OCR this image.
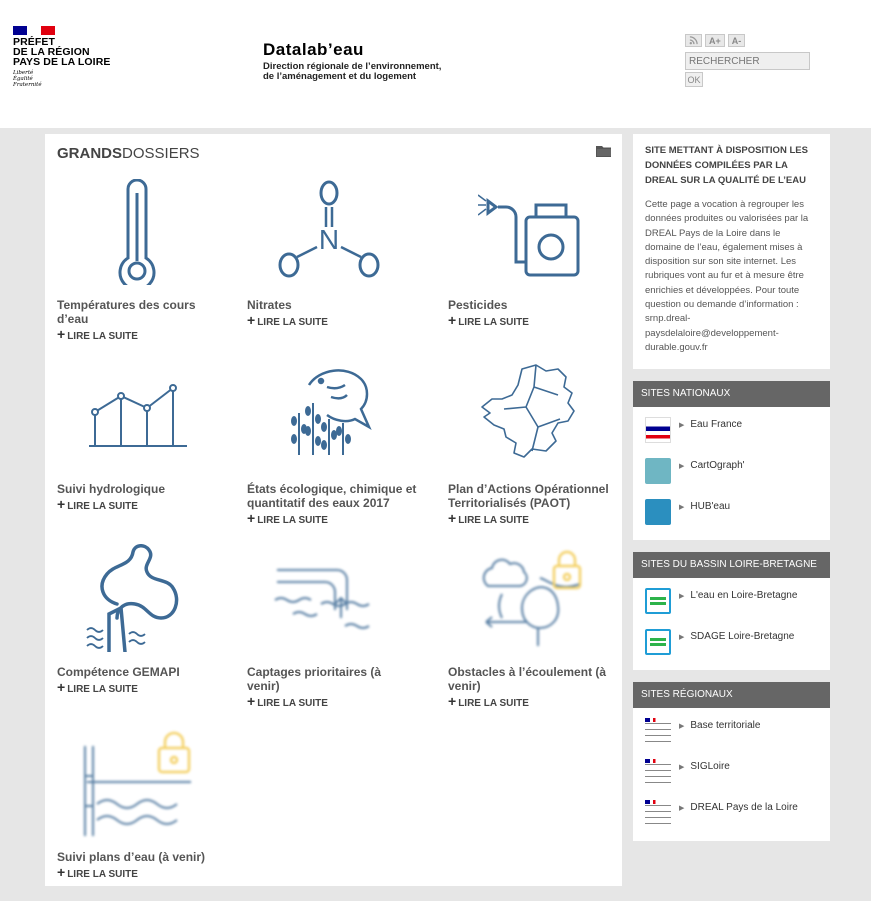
PRÉFET
DE LA RÉGION
PAYS DE LA LOIRE
Liberté
Égalité
Fraternité
Datalab’eau
Direction régionale de l’environnement,
de l’aménagement et du logement
A+	A-
RECHERCHER
OK
GRANDSDOSSIERS
Températures des cours d’eau
+ LIRE LA SUITE
N
Nitrates
+ LIRE LA SUITE
Pesticides
+ LIRE LA SUITE
Suivi hydrologique
+ LIRE LA SUITE
États écologique, chimique et quantitatif des eaux 2017
+ LIRE LA SUITE
Plan d’Actions Opérationnel Territorialisés (PAOT)
+ LIRE LA SUITE
Compétence GEMAPI
+ LIRE LA SUITE
Captages prioritaires (à venir)
+ LIRE LA SUITE
Obstacles à l’écoulement (à venir)
+ LIRE LA SUITE
Suivi plans d’eau (à venir)
+ LIRE LA SUITE
SITE METTANT À DISPOSITION LES DONNÉES COMPILÉES PAR LA DREAL SUR LA QUALITÉ DE L’EAU

Cette page a vocation à regrouper les données produites ou valorisées par la DREAL Pays de la Loire dans le domaine de l’eau, également mises à disposition sur son site internet. Les rubriques vont au fur et à mesure être enrichies et développées. Pour toute question ou demande d’information : srnp.dreal-paysdelaloire@developpement-durable.gouv.fr

SITES NATIONAUX
▶ Eau France
▶ CartOgraph'
▶ HUB'eau
SITES DU BASSIN LOIRE-BRETAGNE
▶ L'eau en Loire-Bretagne
▶ SDAGE Loire-Bretagne
SITES RÉGIONAUX
▶ Base territoriale
▶ SIGLoire
▶ DREAL Pays de la Loire
